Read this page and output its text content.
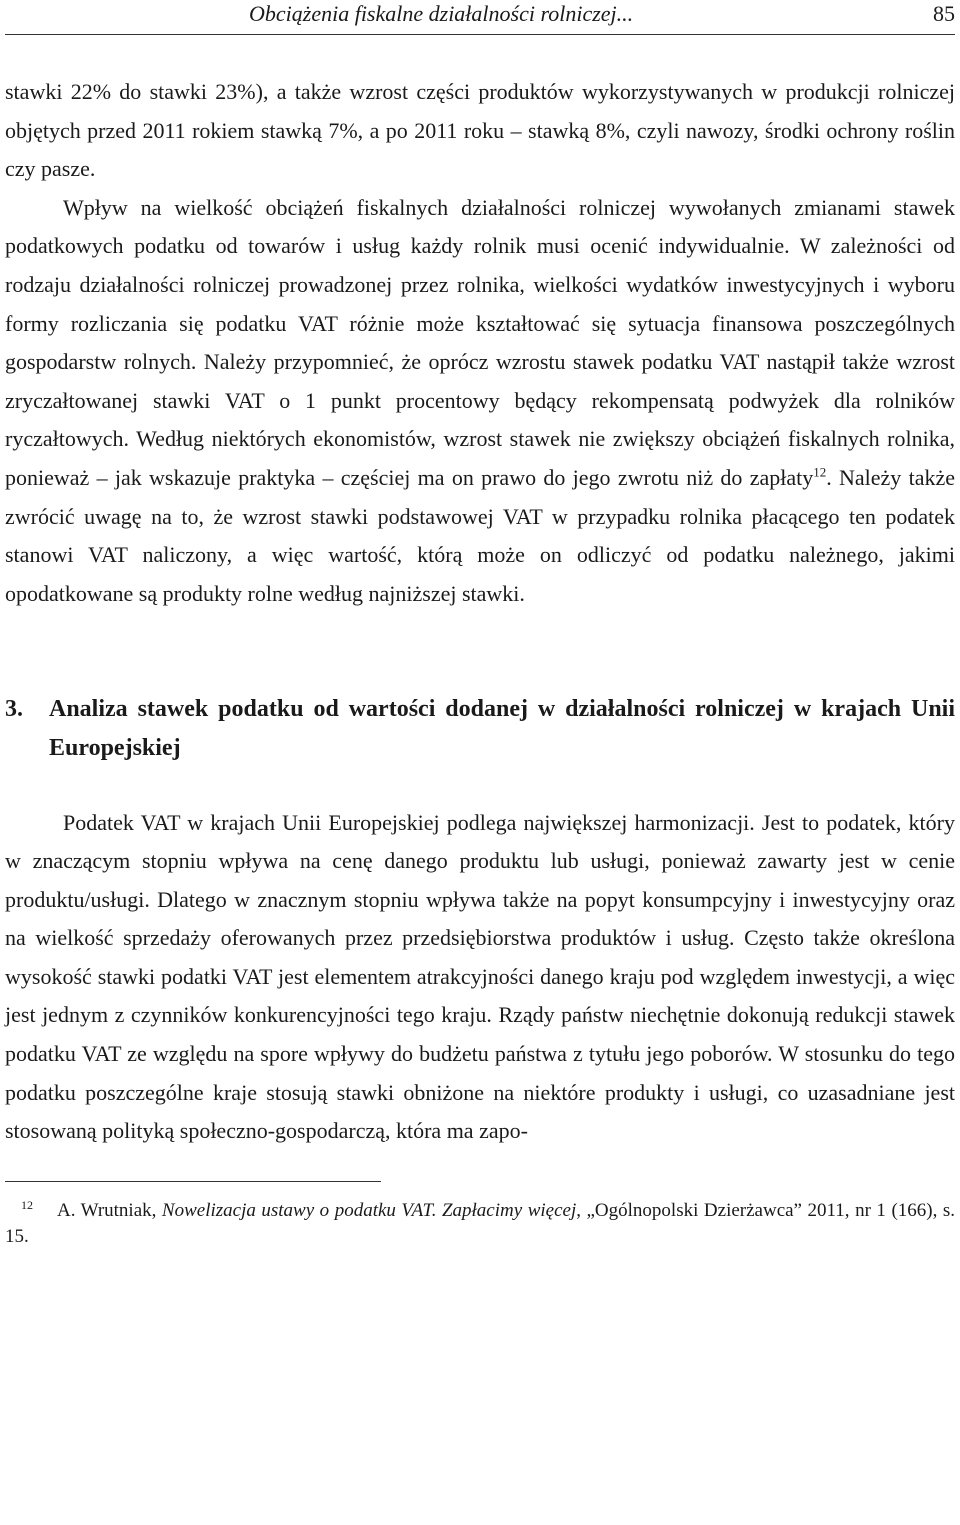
Obciążenia fiskalne działalności rolniczej...	85

stawki 22% do stawki 23%), a także wzrost części produktów wykorzystywanych w produkcji rolniczej objętych przed 2011 rokiem stawką 7%, a po 2011 roku – stawką 8%, czyli nawozy, środki ochrony roślin czy pasze.

Wpływ na wielkość obciążeń fiskalnych działalności rolniczej wywołanych zmianami stawek podatkowych podatku od towarów i usług każdy rolnik musi ocenić indywidualnie. W zależności od rodzaju działalności rolniczej prowadzonej przez rolnika, wielkości wydatków inwestycyjnych i wyboru formy rozliczania się podatku VAT różnie może kształtować się sytuacja finansowa poszczególnych gospodarstw rolnych. Należy przypomnieć, że oprócz wzrostu stawek podatku VAT nastąpił także wzrost zryczałtowanej stawki VAT o 1 punkt procentowy będący rekompensatą podwyżek dla rolników ryczałtowych. Według niektórych ekonomistów, wzrost stawek nie zwiększy obciążeń fiskalnych rolnika, ponieważ – jak wskazuje praktyka – częściej ma on prawo do jego zwrotu niż do zapłaty$^{12}$. Należy także zwrócić uwagę na to, że wzrost stawki podstawowej VAT w przypadku rolnika płacącego ten podatek stanowi VAT naliczony, a więc wartość, którą może on odliczyć od podatku należnego, jakimi opodatkowane są produkty rolne według najniższej stawki.

3.	Analiza stawek podatku od wartości dodanej w działalności rolniczej w krajach Unii Europejskiej

Podatek VAT w krajach Unii Europejskiej podlega największej harmonizacji. Jest to podatek, który w znaczącym stopniu wpływa na cenę danego produktu lub usługi, ponieważ zawarty jest w cenie produktu/usługi. Dlatego w znacznym stopniu wpływa także na popyt konsumpcyjny i inwestycyjny oraz na wielkość sprzedaży oferowanych przez przedsiębiorstwa produktów i usług. Często także określona wysokość stawki podatki VAT jest elementem atrakcyjności danego kraju pod względem inwestycji, a więc jest jednym z czynników konkurencyjności tego kraju. Rządy państw niechętnie dokonują redukcji stawek podatku VAT ze względu na spore wpływy do budżetu państwa z tytułu jego poborów. W stosunku do tego podatku poszczególne kraje stosują stawki obniżone na niektóre produkty i usługi, co uzasadniane jest stosowaną polityką społeczno-gospodarczą, która ma zapo-

$^{12}$ A. Wrutniak, Nowelizacja ustawy o podatku VAT. Zapłacimy więcej, „Ogólnopolski Dzierżawca” 2011, nr 1 (166), s. 15.
